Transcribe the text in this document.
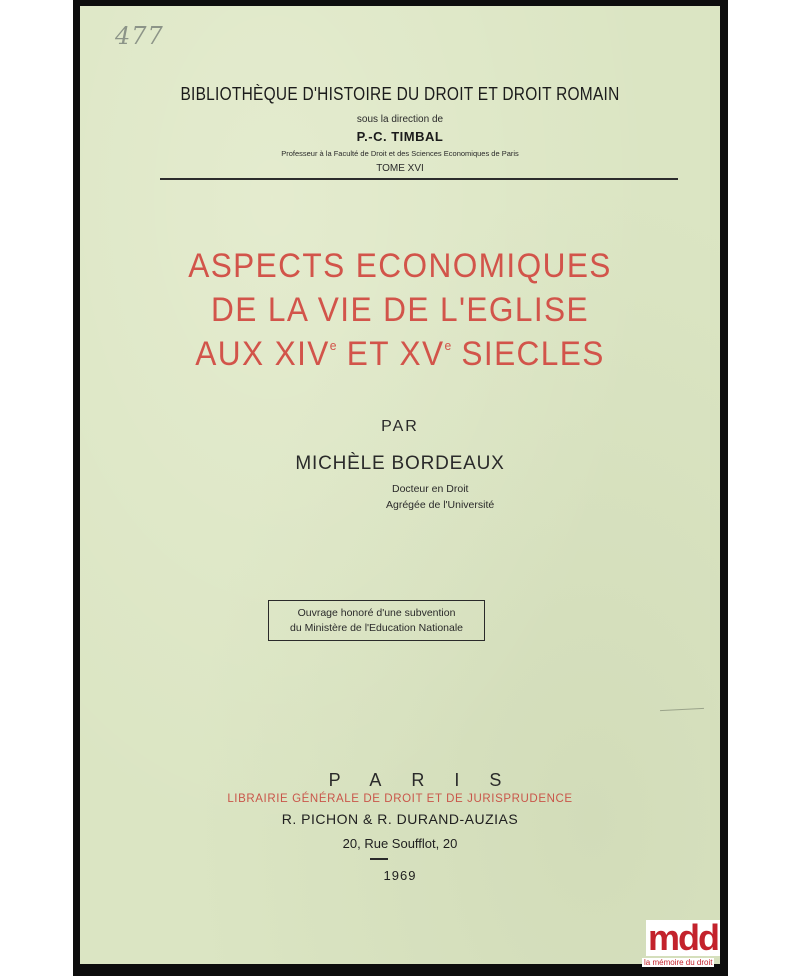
477
BIBLIOTHÈQUE D'HISTOIRE DU DROIT ET DROIT ROMAIN
sous la direction de
P.-C. TIMBAL
Professeur à la Faculté de Droit et des Sciences Economiques de Paris
TOME XVI
ASPECTS ECONOMIQUES
DE LA VIE DE L'EGLISE
AUX XIVe ET XVe SIECLES
PAR
MICHÈLE BORDEAUX
Docteur en Droit
Agrégée de l'Université
Ouvrage honoré d'une subvention
du Ministère de l'Education Nationale
PARIS
LIBRAIRIE GÉNÉRALE DE DROIT ET DE JURISPRUDENCE
R. PICHON & R. DURAND-AUZIAS
20, Rue Soufflot, 20
1969
mdd
la mémoire du droit
